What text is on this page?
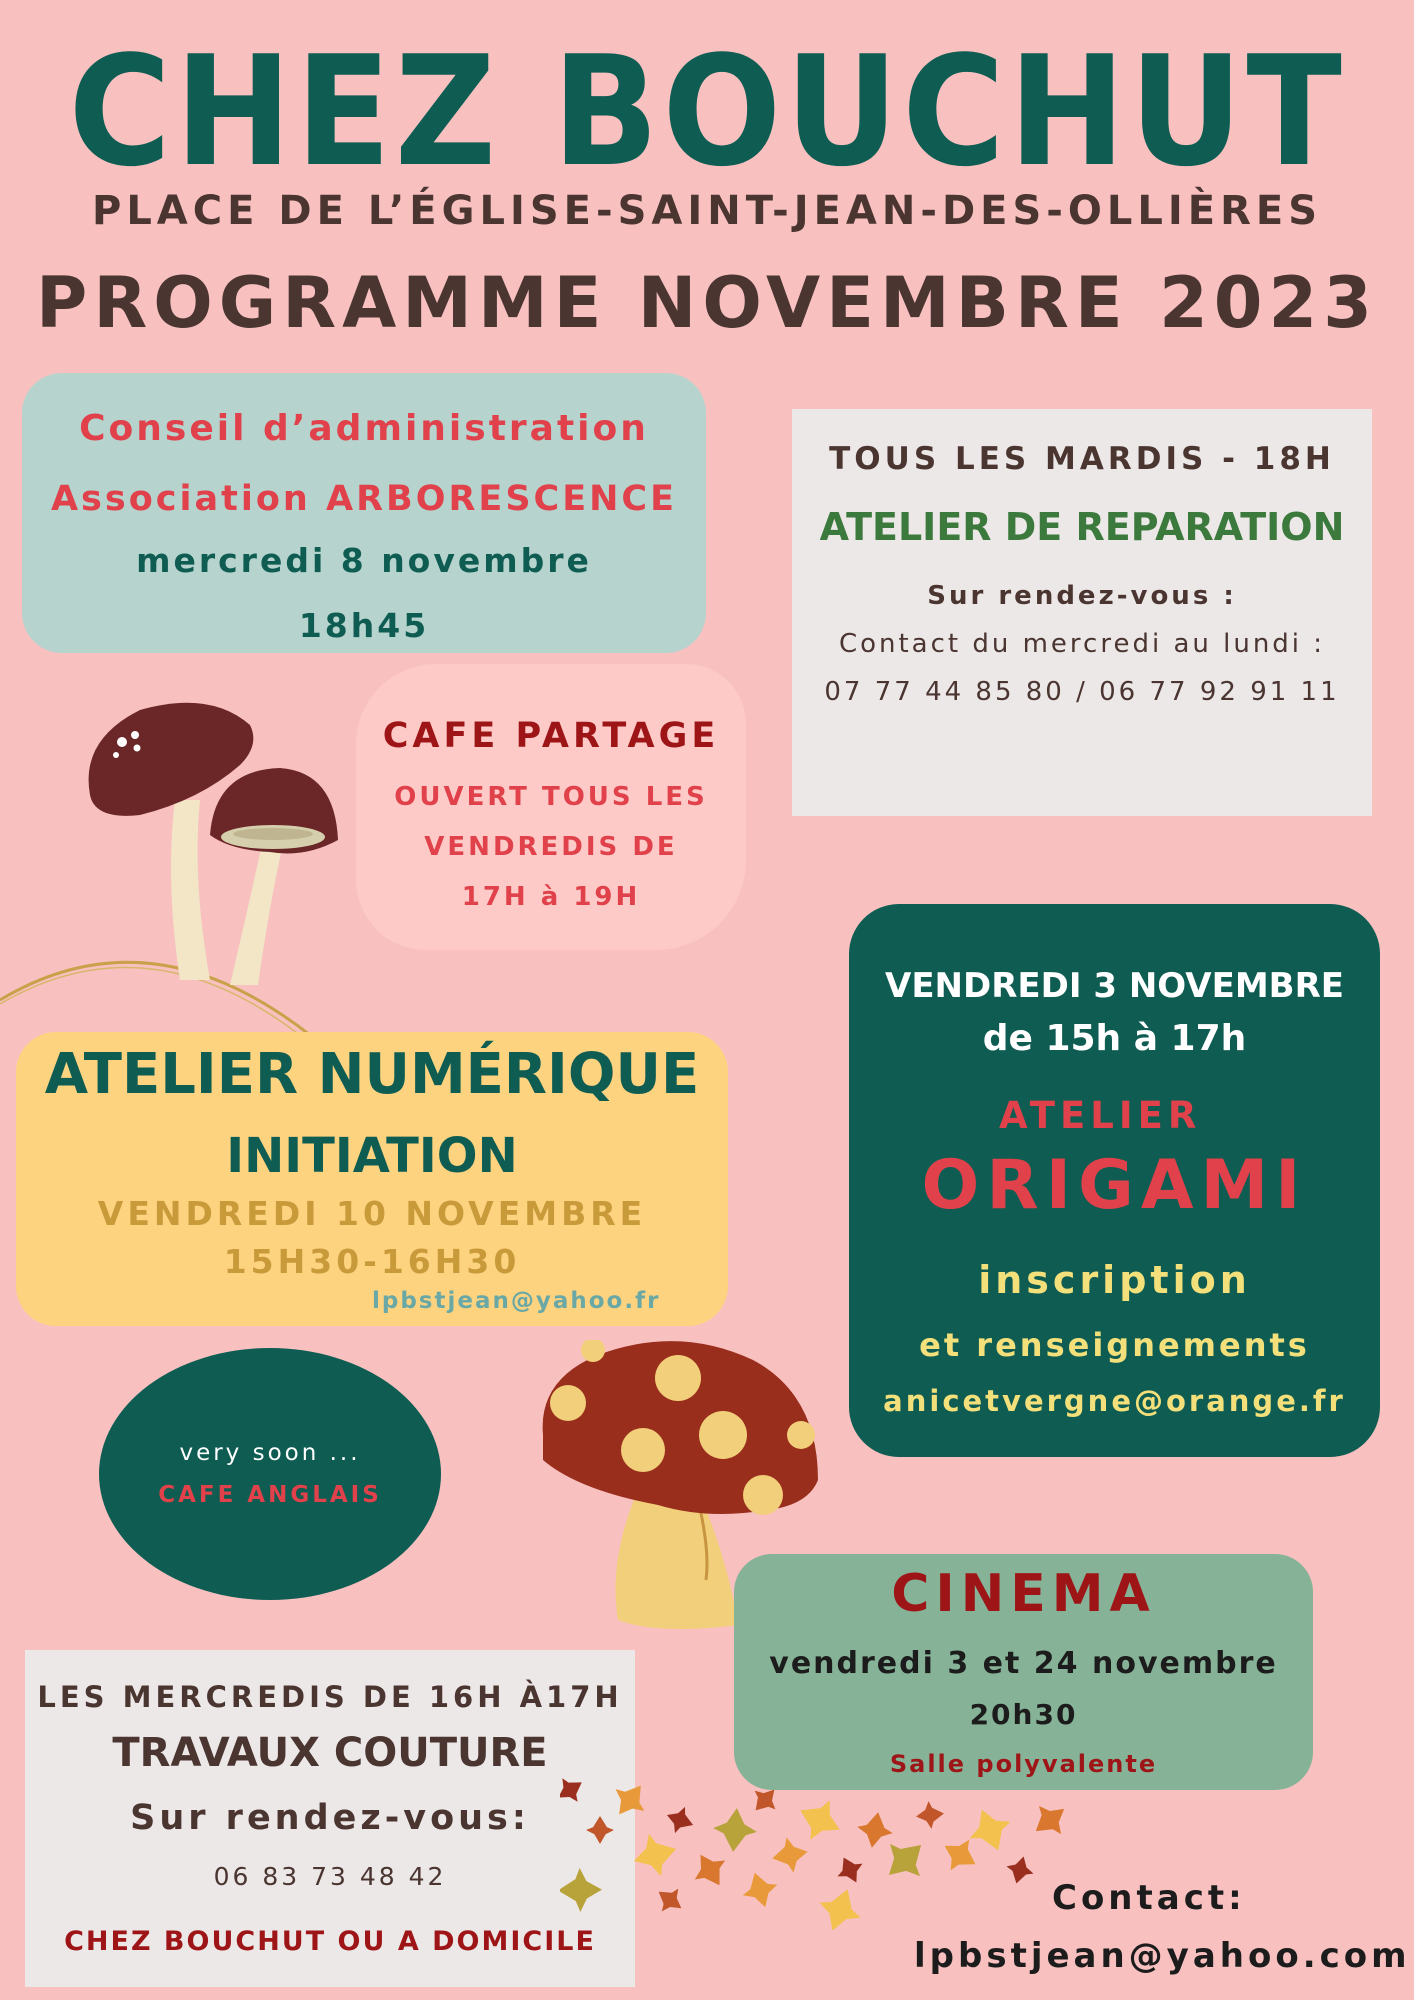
CHEZ BOUCHUT
PLACE DE L’ÉGLISE-SAINT-JEAN-DES-OLLIÈRES
PROGRAMME NOVEMBRE 2023
Conseil d’administration
Association ARBORESCENCE
mercredi 8 novembre
18h45
TOUS LES MARDIS - 18H
ATELIER DE REPARATION
Sur rendez-vous :
Contact du mercredi au lundi :
07 77 44 85 80 / 06 77 92 91 11
CAFE PARTAGE
OUVERT TOUS LES
VENDREDIS DE
17H à 19H
ATELIER NUMÉRIQUE
INITIATION
VENDREDI 10 NOVEMBRE
15H30-16H30
lpbstjean@yahoo.fr
VENDREDI 3 NOVEMBRE
de 15h à 17h
ATELIER
ORIGAMI
inscription
et renseignements
anicetvergne@orange.fr
very soon ...
CAFE ANGLAIS
CINEMA
vendredi 3 et 24 novembre
20h30
Salle polyvalente
LES MERCREDIS DE 16H À17H
TRAVAUX COUTURE
Sur rendez-vous:
06 83 73 48 42
CHEZ BOUCHUT OU A DOMICILE
Contact:
lpbstjean@yahoo.com
